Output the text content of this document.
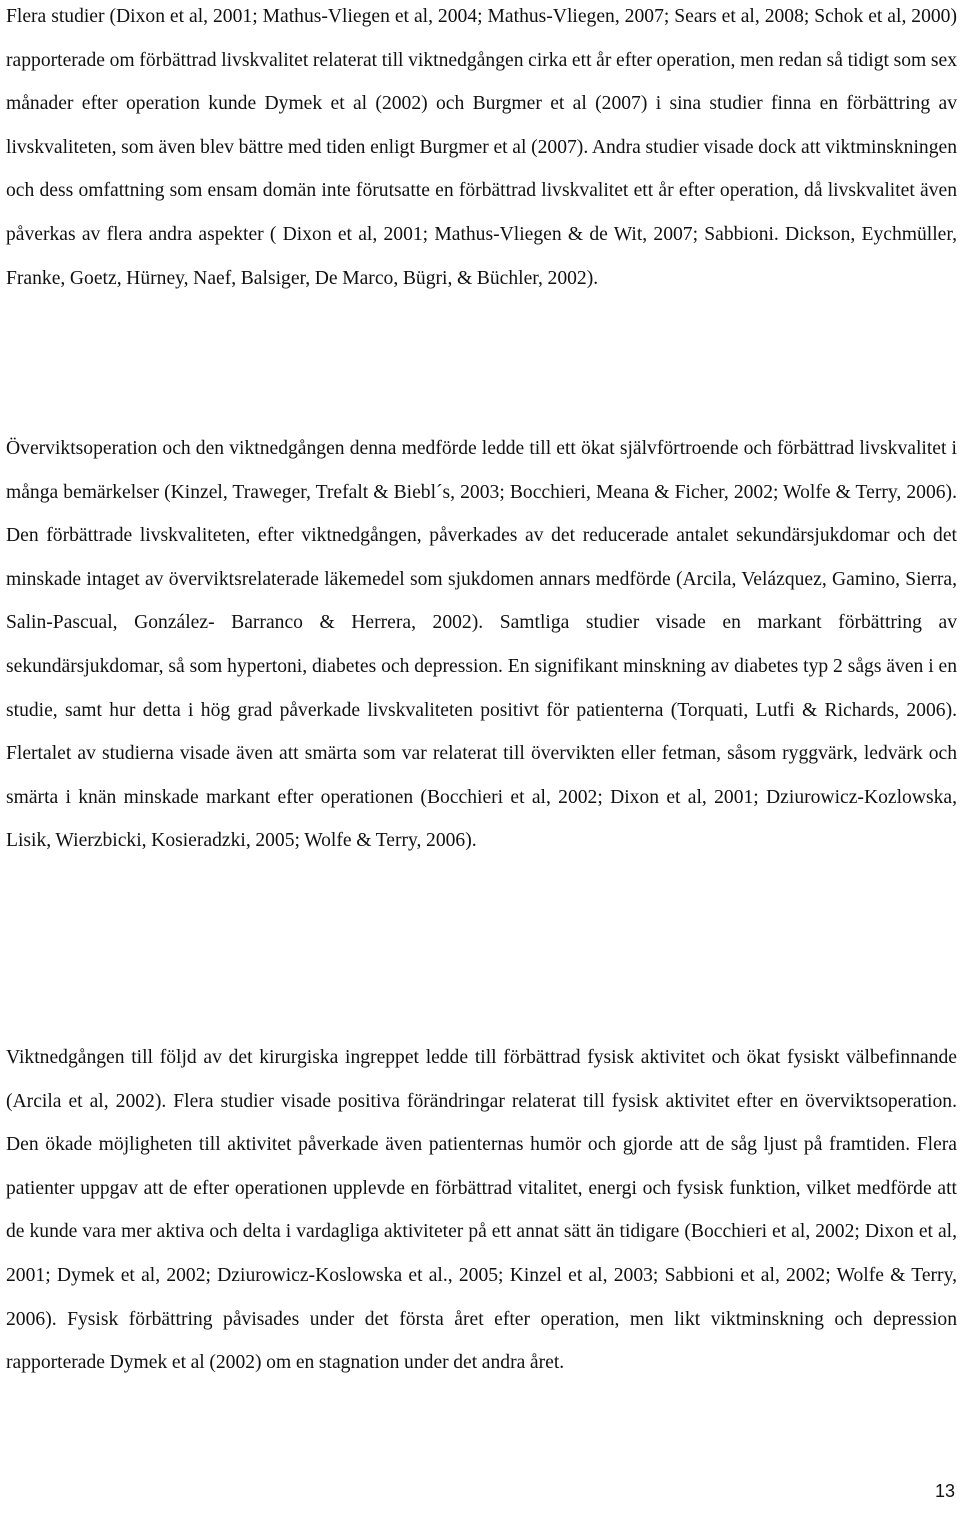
Flera studier (Dixon et al, 2001; Mathus-Vliegen et al, 2004; Mathus-Vliegen, 2007; Sears et al, 2008; Schok et al, 2000) rapporterade om förbättrad livskvalitet relaterat till viktnedgången cirka ett år efter operation, men redan så tidigt som sex månader efter operation kunde Dymek et al (2002) och Burgmer et al (2007) i sina studier finna en förbättring av livskvaliteten, som även blev bättre med tiden enligt Burgmer et al (2007). Andra studier visade dock att viktminskningen och dess omfattning som ensam domän inte förutsatte en förbättrad livskvalitet ett år efter operation, då livskvalitet även påverkas av flera andra aspekter ( Dixon et al, 2001; Mathus-Vliegen & de Wit, 2007; Sabbioni. Dickson, Eychmüller, Franke, Goetz, Hürney, Naef, Balsiger, De Marco, Bügri, & Büchler, 2002).

Överviktsoperation och den viktnedgången denna medförde ledde till ett ökat självförtroende och förbättrad livskvalitet i många bemärkelser (Kinzel, Traweger, Trefalt & Biebl´s, 2003; Bocchieri, Meana & Ficher, 2002; Wolfe & Terry, 2006). Den förbättrade livskvaliteten, efter viktnedgången, påverkades av det reducerade antalet sekundärsjukdomar och det minskade intaget av överviktsrelaterade läkemedel som sjukdomen annars medförde (Arcila, Velázquez, Gamino, Sierra, Salin-Pascual, González- Barranco & Herrera, 2002). Samtliga studier visade en markant förbättring av sekundärsjukdomar, så som hypertoni, diabetes och depression. En signifikant minskning av diabetes typ 2 sågs även i en studie, samt hur detta i hög grad påverkade livskvaliteten positivt för patienterna (Torquati, Lutfi & Richards, 2006). Flertalet av studierna visade även att smärta som var relaterat till övervikten eller fetman, såsom ryggvärk, ledvärk och smärta i knän minskade markant efter operationen (Bocchieri et al, 2002; Dixon et al, 2001; Dziurowicz-Kozlowska, Lisik, Wierzbicki, Kosieradzki, 2005; Wolfe & Terry, 2006).

Viktnedgången till följd av det kirurgiska ingreppet ledde till förbättrad fysisk aktivitet och ökat fysiskt välbefinnande (Arcila et al, 2002). Flera studier visade positiva förändringar relaterat till fysisk aktivitet efter en överviktsoperation. Den ökade möjligheten till aktivitet påverkade även patienternas humör och gjorde att de såg ljust på framtiden. Flera patienter uppgav att de efter operationen upplevde en förbättrad vitalitet, energi och fysisk funktion, vilket medförde att de kunde vara mer aktiva och delta i vardagliga aktiviteter på ett annat sätt än tidigare (Bocchieri et al, 2002; Dixon et al, 2001; Dymek et al, 2002; Dziurowicz-Koslowska et al., 2005; Kinzel et al, 2003; Sabbioni et al, 2002; Wolfe & Terry, 2006). Fysisk förbättring påvisades under det första året efter operation, men likt viktminskning och depression rapporterade Dymek et al (2002) om en stagnation under det andra året.

13
